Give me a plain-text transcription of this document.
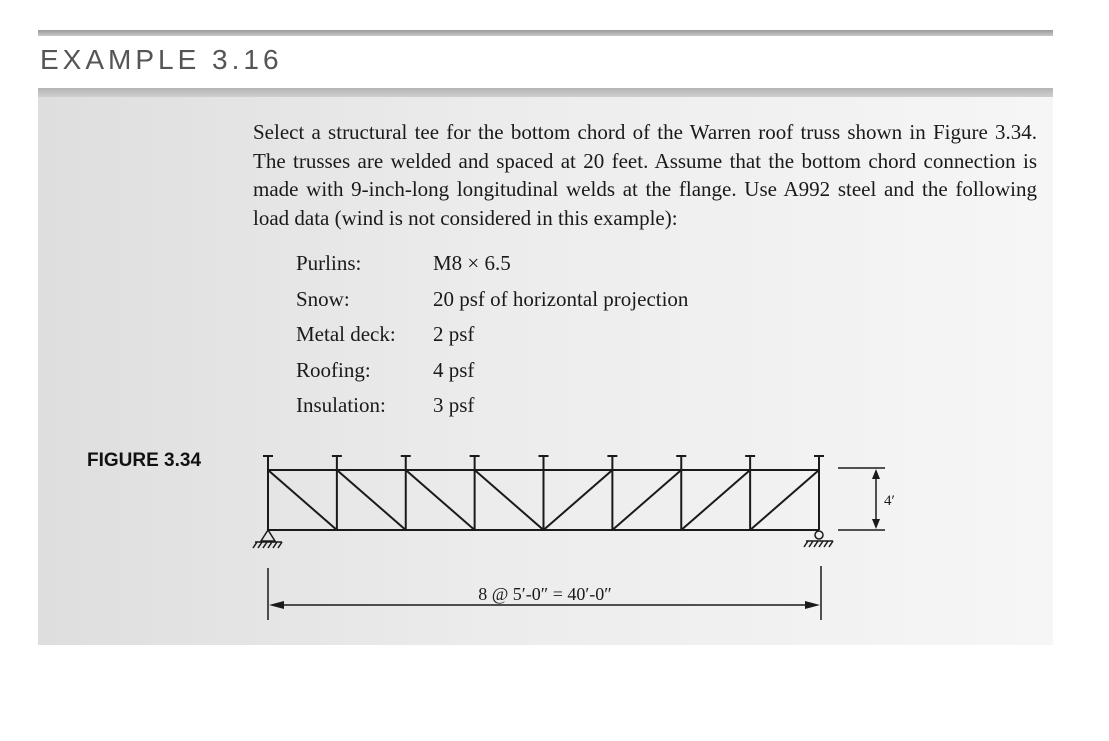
EXAMPLE 3.16

Select a structural tee for the bottom chord of the Warren roof truss shown in Figure 3.34. The trusses are welded and spaced at 20 feet. Assume that the bottom chord connection is made with 9-inch-long longitudinal welds at the flange. Use A992 steel and the following load data (wind is not considered in this example):

Purlins:	M8 × 6.5
Snow:	20 psf of horizontal projection
Metal deck:	2 psf
Roofing:	4 psf
Insulation:	3 psf
FIGURE 3.34
4′
8 @ 5′-0″ = 40′-0″
